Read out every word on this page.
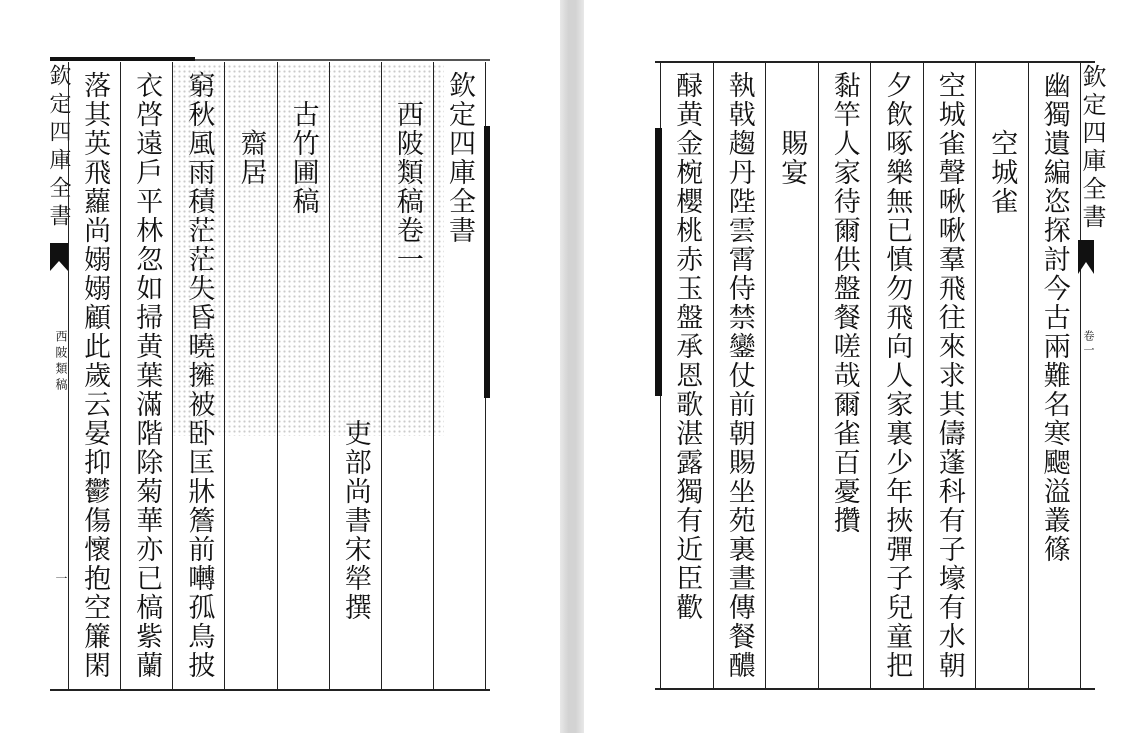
欽定四庫全書
西陂類稿
一
欽定四庫全書
西陂類稿卷一
吏部尚書宋犖撰
古竹圃稿
齋居
窮秋風雨積茫茫失昏曉擁被卧匡牀簷前囀孤鳥披
衣啓遠戶平林忽如掃黄葉滿階除菊華亦已槁紫蘭
落其英飛蘿尚嫋嫋顧此歲云晏抑鬱傷懷抱空簾閑	幽獨遺編恣探討今古兩難名寒颸溢叢篠
空城雀
空城雀聲啾啾羣飛往來求其儔蓬科有子壕有水朝
夕飲啄樂無已慎勿飛向人家裏少年挾彈子兒童把
黏竿人家待爾供盤餐嗟哉爾雀百憂攢
賜宴
執戟趨丹陛雲霄侍禁鑾仗前朝賜坐苑裏晝傳餐醲
醁黄金椀櫻桃赤玉盤承恩歌湛露獨有近臣歡	欽定四庫全書
卷一
